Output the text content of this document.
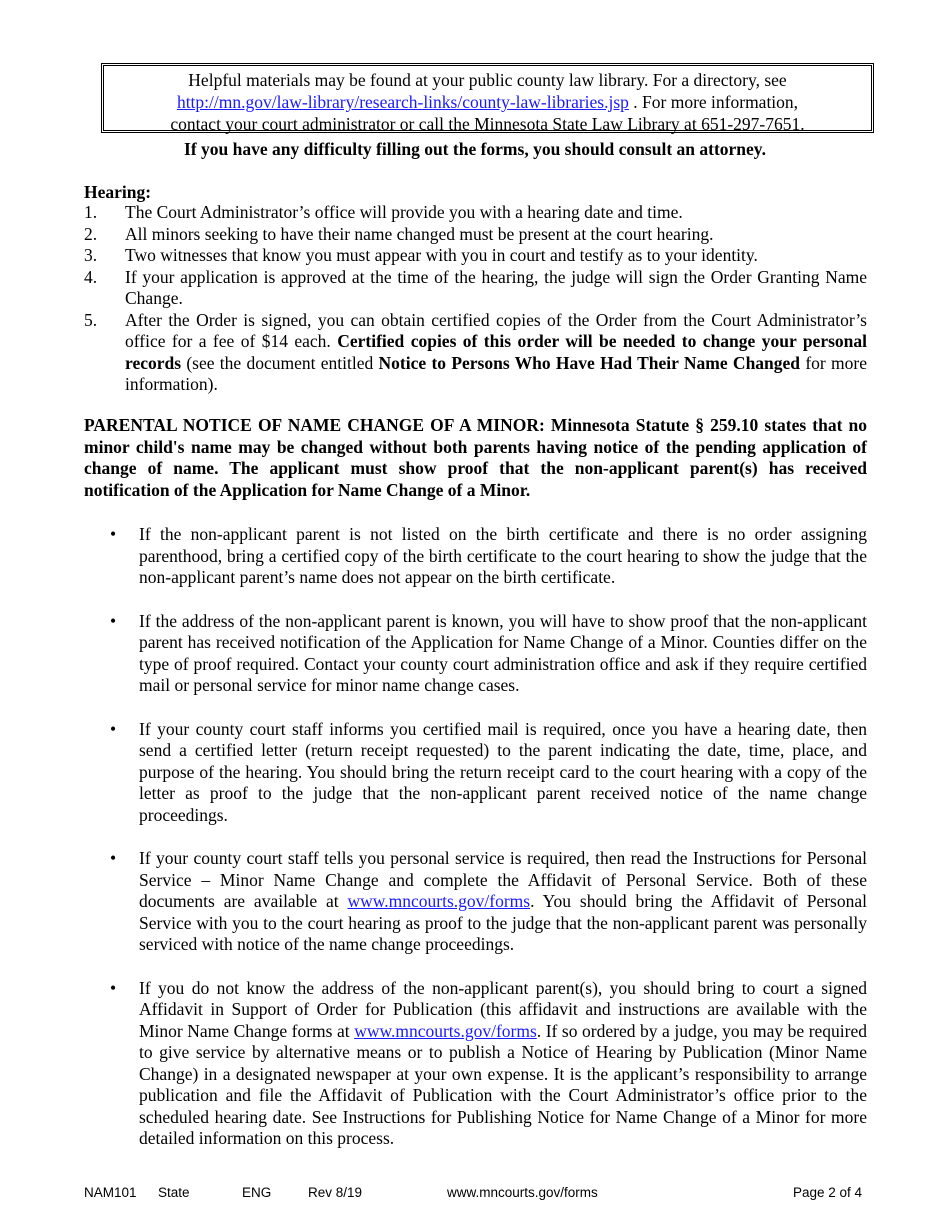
Helpful materials may be found at your public county law library. For a directory, see
http://mn.gov/law-library/research-links/county-law-libraries.jsp . For more information,
contact your court administrator or call the Minnesota State Law Library at 651-297-7651.
If you have any difficulty filling out the forms, you should consult an attorney.
Hearing:
1.	The Court Administrator’s office will provide you with a hearing date and time.
2.	All minors seeking to have their name changed must be present at the court hearing.
3.	Two witnesses that know you must appear with you in court and testify as to your identity.
4.	If your application is approved at the time of the hearing, the judge will sign the Order Granting Name Change.
5.	After the Order is signed, you can obtain certified copies of the Order from the Court Administrator’s office for a fee of $14 each. Certified copies of this order will be needed to change your personal records (see the document entitled Notice to Persons Who Have Had Their Name Changed for more information).
PARENTAL NOTICE OF NAME CHANGE OF A MINOR: Minnesota Statute § 259.10 states that no minor child's name may be changed without both parents having notice of the pending application of change of name. The applicant must show proof that the non-applicant parent(s) has received notification of the Application for Name Change of a Minor.
•	If the non-applicant parent is not listed on the birth certificate and there is no order assigning parenthood, bring a certified copy of the birth certificate to the court hearing to show the judge that the non-applicant parent’s name does not appear on the birth certificate.
•	If the address of the non-applicant parent is known, you will have to show proof that the non-applicant parent has received notification of the Application for Name Change of a Minor. Counties differ on the type of proof required. Contact your county court administration office and ask if they require certified mail or personal service for minor name change cases.
•	If your county court staff informs you certified mail is required, once you have a hearing date, then send a certified letter (return receipt requested) to the parent indicating the date, time, place, and purpose of the hearing. You should bring the return receipt card to the court hearing with a copy of the letter as proof to the judge that the non-applicant parent received notice of the name change proceedings.
•	If your county court staff tells you personal service is required, then read the Instructions for Personal Service – Minor Name Change and complete the Affidavit of Personal Service. Both of these documents are available at www.mncourts.gov/forms. You should bring the Affidavit of Personal Service with you to the court hearing as proof to the judge that the non-applicant parent was personally serviced with notice of the name change proceedings.
•	If you do not know the address of the non-applicant parent(s), you should bring to court a signed Affidavit in Support of Order for Publication (this affidavit and instructions are available with the Minor Name Change forms at www.mncourts.gov/forms. If so ordered by a judge, you may be required to give service by alternative means or to publish a Notice of Hearing by Publication (Minor Name Change) in a designated newspaper at your own expense. It is the applicant’s responsibility to arrange publication and file the Affidavit of Publication with the Court Administrator’s office prior to the scheduled hearing date. See Instructions for Publishing Notice for Name Change of a Minor for more detailed information on this process.
NAM101 State	ENG	Rev 8/19	www.mncourts.gov/forms	Page 2 of 4
